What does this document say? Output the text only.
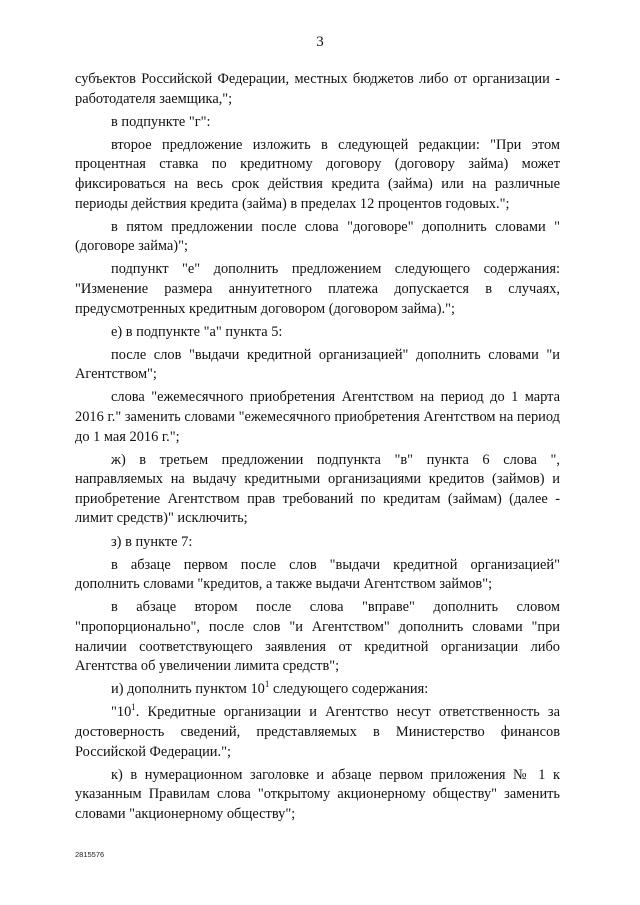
3

субъектов Российской Федерации, местных бюджетов либо от организации - работодателя заемщика,";

в подпункте "г":

второе предложение изложить в следующей редакции: "При этом процентная ставка по кредитному договору (договору займа) может фиксироваться на весь срок действия кредита (займа) или на различные периоды действия кредита (займа) в пределах 12 процентов годовых.";

в пятом предложении после слова "договоре" дополнить словами "(договоре займа)";

подпункт "е" дополнить предложением следующего содержания: "Изменение размера аннуитетного платежа допускается в случаях, предусмотренных кредитным договором (договором займа).";

е) в подпункте "а" пункта 5:

после слов "выдачи кредитной организацией" дополнить словами "и Агентством";

слова "ежемесячного приобретения Агентством на период до 1 марта 2016 г." заменить словами "ежемесячного приобретения Агентством на период до 1 мая 2016 г.";

ж) в третьем предложении подпункта "в" пункта 6 слова ", направляемых на выдачу кредитными организациями кредитов (займов) и приобретение Агентством прав требований по кредитам (займам) (далее - лимит средств)" исключить;

з) в пункте 7:

в абзаце первом после слов "выдачи кредитной организацией" дополнить словами "кредитов, а также выдачи Агентством займов";

в абзаце втором после слова "вправе" дополнить словом "пропорционально", после слов "и Агентством" дополнить словами "при наличии соответствующего заявления от кредитной организации либо Агентства об увеличении лимита средств";

и) дополнить пунктом $10^1$ следующего содержания:

"$10^1$. Кредитные организации и Агентство несут ответственность за достоверность сведений, представляемых в Министерство финансов Российской Федерации.";

к) в нумерационном заголовке и абзаце первом приложения № 1 к указанным Правилам слова "открытому акционерному обществу" заменить словами "акционерному обществу";

2815576
